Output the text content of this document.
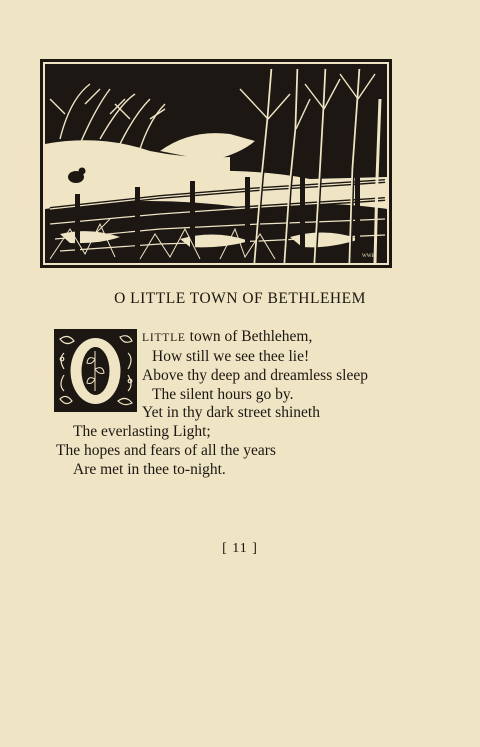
WWB
O LITTLE TOWN OF BETHLEHEM
LITTLE town of Bethlehem,
How still we see thee lie!
Above thy deep and dreamless sleep
The silent hours go by.
Yet in thy dark street shineth
The everlasting Light;
The hopes and fears of all the years
Are met in thee to-night.
[ 11 ]
